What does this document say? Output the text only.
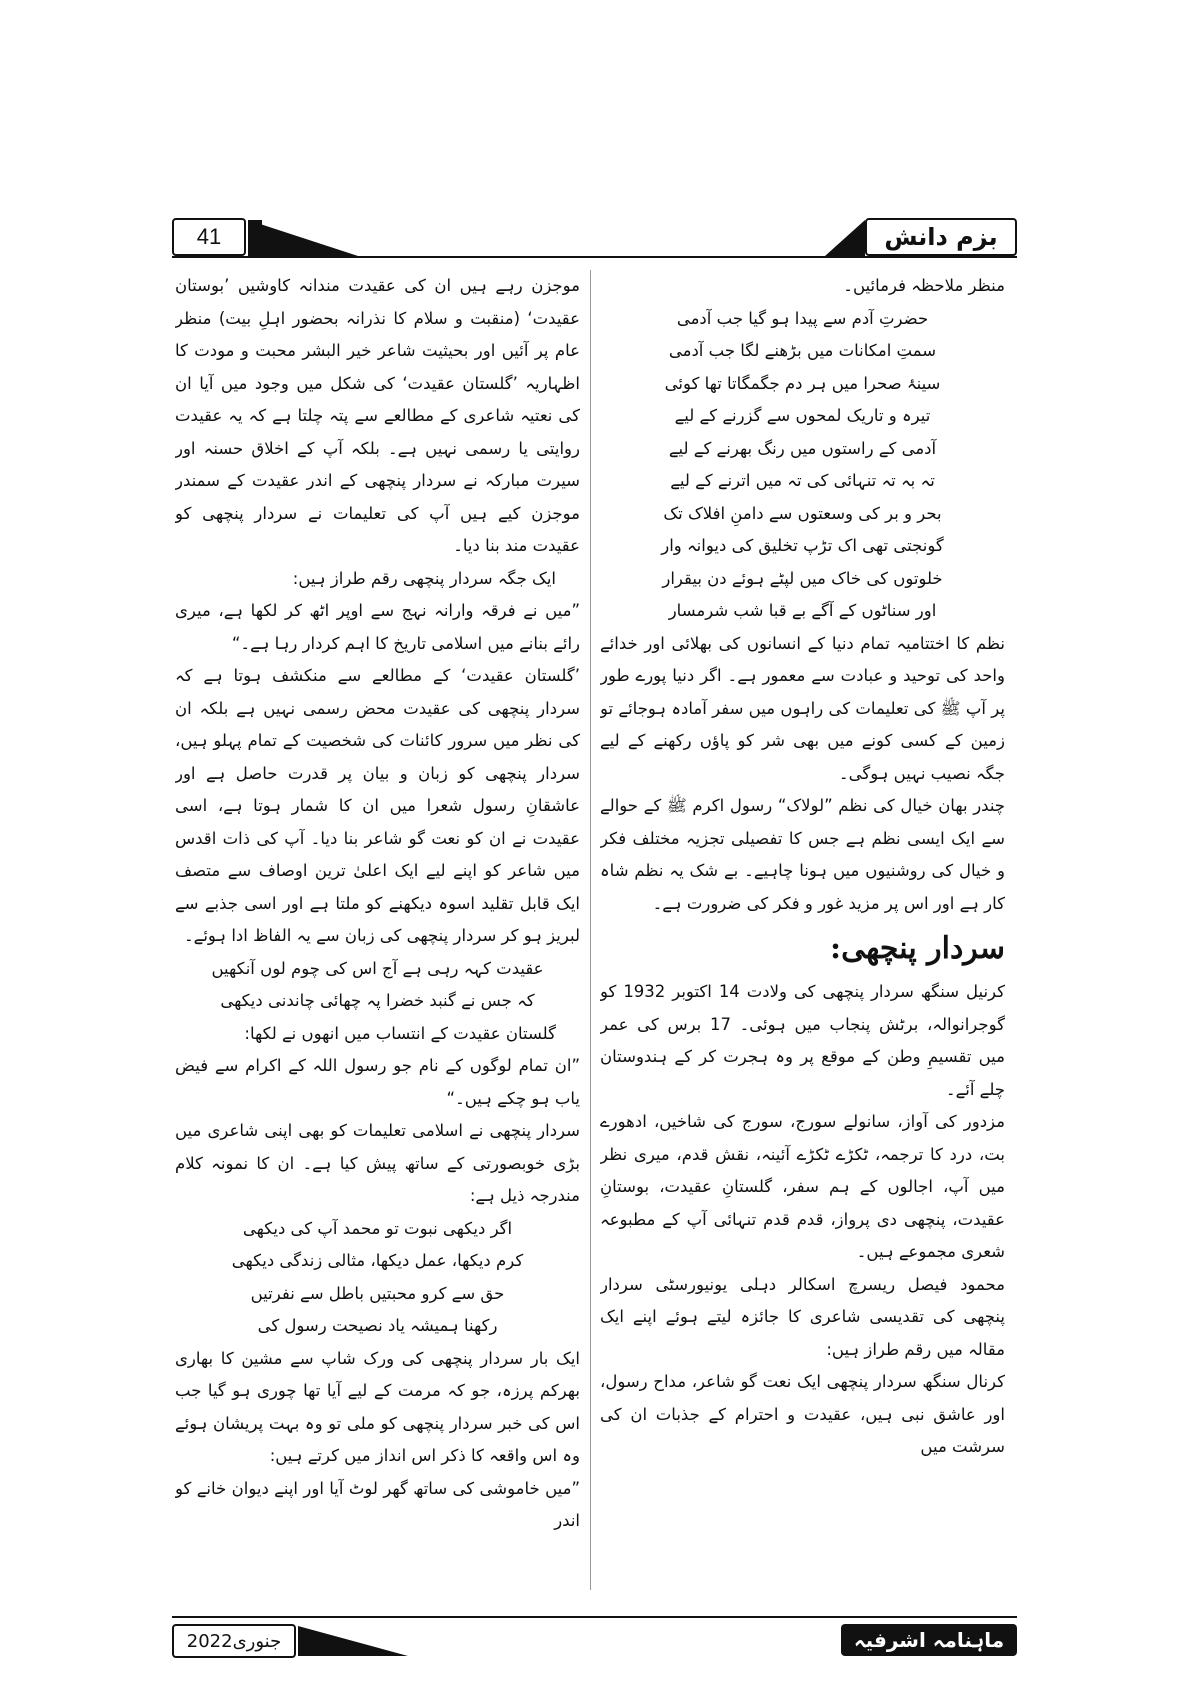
41	بزم دانش

منظر ملاحظہ فرمائیں۔

حضرتِ آدم سے پیدا ہو گیا جب آدمی
سمتِ امکانات میں بڑھنے لگا جب آدمی
سینۂ صحرا میں ہر دم جگمگاتا تھا کوئی
تیرہ و تاریک لمحوں سے گزرنے کے لیے
آدمی کے راستوں میں رنگ بھرنے کے لیے
تہ بہ تہ تنہائی کی تہ میں اترنے کے لیے
بحر و بر کی وسعتوں سے دامنِ افلاک تک
گونجتی تھی اک تڑپ تخلیق کی دیوانہ وار
خلوتوں کی خاک میں لپٹے ہوئے دن بیقرار
اور سناٹوں کے آگے بے قبا شب شرمسار

نظم کا اختتامیہ تمام دنیا کے انسانوں کی بھلائی اور خدائے واحد کی توحید و عبادت سے معمور ہے۔ اگر دنیا پورے طور پر آپ ﷺ کی تعلیمات کی راہوں میں سفر آمادہ ہوجائے تو زمین کے کسی کونے میں بھی شر کو پاؤں رکھنے کے لیے جگہ نصیب نہیں ہوگی۔

چندر بھان خیال کی نظم ”لولاک“ رسول اکرم ﷺ کے حوالے سے ایک ایسی نظم ہے جس کا تفصیلی تجزیہ مختلف فکر و خیال کی روشنیوں میں ہونا چاہیے۔ بے شک یہ نظم شاہ کار ہے اور اس پر مزید غور و فکر کی ضرورت ہے۔

سردار پنچھی:

کرنیل سنگھ سردار پنچھی کی ولادت 14 اکتوبر 1932 کو گوجرانوالہ، برٹش پنجاب میں ہوئی۔ 17 برس کی عمر میں تقسیمِ وطن کے موقع پر وہ ہجرت کر کے ہندوستان چلے آئے۔

مزدور کی آواز، سانولے سورج، سورج کی شاخیں، ادھورے بت، درد کا ترجمہ، ٹکڑے ٹکڑے آئینہ، نقش قدم، میری نظر میں آپ، اجالوں کے ہم سفر، گلستانِ عقیدت، بوستانِ عقیدت، پنچھی دی پرواز، قدم قدم تنہائی آپ کے مطبوعہ شعری مجموعے ہیں۔

محمود فیصل ریسرچ اسکالر دہلی یونیورسٹی سردار پنچھی کی تقدیسی شاعری کا جائزہ لیتے ہوئے اپنے ایک مقالہ میں رقم طراز ہیں:

کرنال سنگھ سردار پنچھی ایک نعت گو شاعر، مداح رسول، اور عاشق نبی ہیں، عقیدت و احترام کے جذبات ان کی سرشت میں

موجزن رہے ہیں ان کی عقیدت مندانہ کاوشیں ’بوستان عقیدت‘ (منقبت و سلام کا نذرانہ بحضور اہلِ بیت) منظر عام پر آئیں اور بحیثیت شاعر خیر البشر محبت و مودت کا اظہاریہ ’گلستان عقیدت‘ کی شکل میں وجود میں آیا ان کی نعتیہ شاعری کے مطالعے سے پتہ چلتا ہے کہ یہ عقیدت روایتی یا رسمی نہیں ہے۔ بلکہ آپ کے اخلاق حسنہ اور سیرت مبارکہ نے سردار پنچھی کے اندر عقیدت کے سمندر موجزن کیے ہیں آپ کی تعلیمات نے سردار پنچھی کو عقیدت مند بنا دیا۔

ایک جگہ سردار پنچھی رقم طراز ہیں:

”میں نے فرقہ وارانہ نہج سے اوپر اٹھ کر لکھا ہے، میری رائے بنانے میں اسلامی تاریخ کا اہم کردار رہا ہے۔“

’گلستان عقیدت‘ کے مطالعے سے منکشف ہوتا ہے کہ سردار پنچھی کی عقیدت محض رسمی نہیں ہے بلکہ ان کی نظر میں سرور کائنات کی شخصیت کے تمام پہلو ہیں، سردار پنچھی کو زبان و بیان پر قدرت حاصل ہے اور عاشقانِ رسول شعرا میں ان کا شمار ہوتا ہے، اسی عقیدت نے ان کو نعت گو شاعر بنا دیا۔ آپ کی ذات اقدس میں شاعر کو اپنے لیے ایک اعلیٰ ترین اوصاف سے متصف ایک قابل تقلید اسوہ دیکھنے کو ملتا ہے اور اسی جذبے سے لبریز ہو کر سردار پنچھی کی زبان سے یہ الفاظ ادا ہوئے۔

عقیدت کہہ رہی ہے آج اس کی چوم لوں آنکھیں
کہ جس نے گنبد خضرا پہ چھائی چاندنی دیکھی

گلستان عقیدت کے انتساب میں انھوں نے لکھا:

”ان تمام لوگوں کے نام جو رسول اللہ کے اکرام سے فیض یاب ہو چکے ہیں۔“

سردار پنچھی نے اسلامی تعلیمات کو بھی اپنی شاعری میں بڑی خوبصورتی کے ساتھ پیش کیا ہے۔ ان کا نمونہ کلام مندرجہ ذیل ہے:

اگر دیکھی نبوت تو محمد آپ کی دیکھی
کرم دیکھا، عمل دیکھا، مثالی زندگی دیکھی
حق سے کرو محبتیں باطل سے نفرتیں
رکھنا ہمیشہ یاد نصیحت رسول کی

ایک بار سردار پنچھی کی ورک شاپ سے مشین کا بھاری بھرکم پرزہ، جو کہ مرمت کے لیے آیا تھا چوری ہو گیا جب اس کی خبر سردار پنچھی کو ملی تو وہ بہت پریشان ہوئے وہ اس واقعہ کا ذکر اس انداز میں کرتے ہیں:

”میں خاموشی کی ساتھ گھر لوٹ آیا اور اپنے دیوان خانے کو اندر

جنوری2022	ماہنامہ اشرفیہ
